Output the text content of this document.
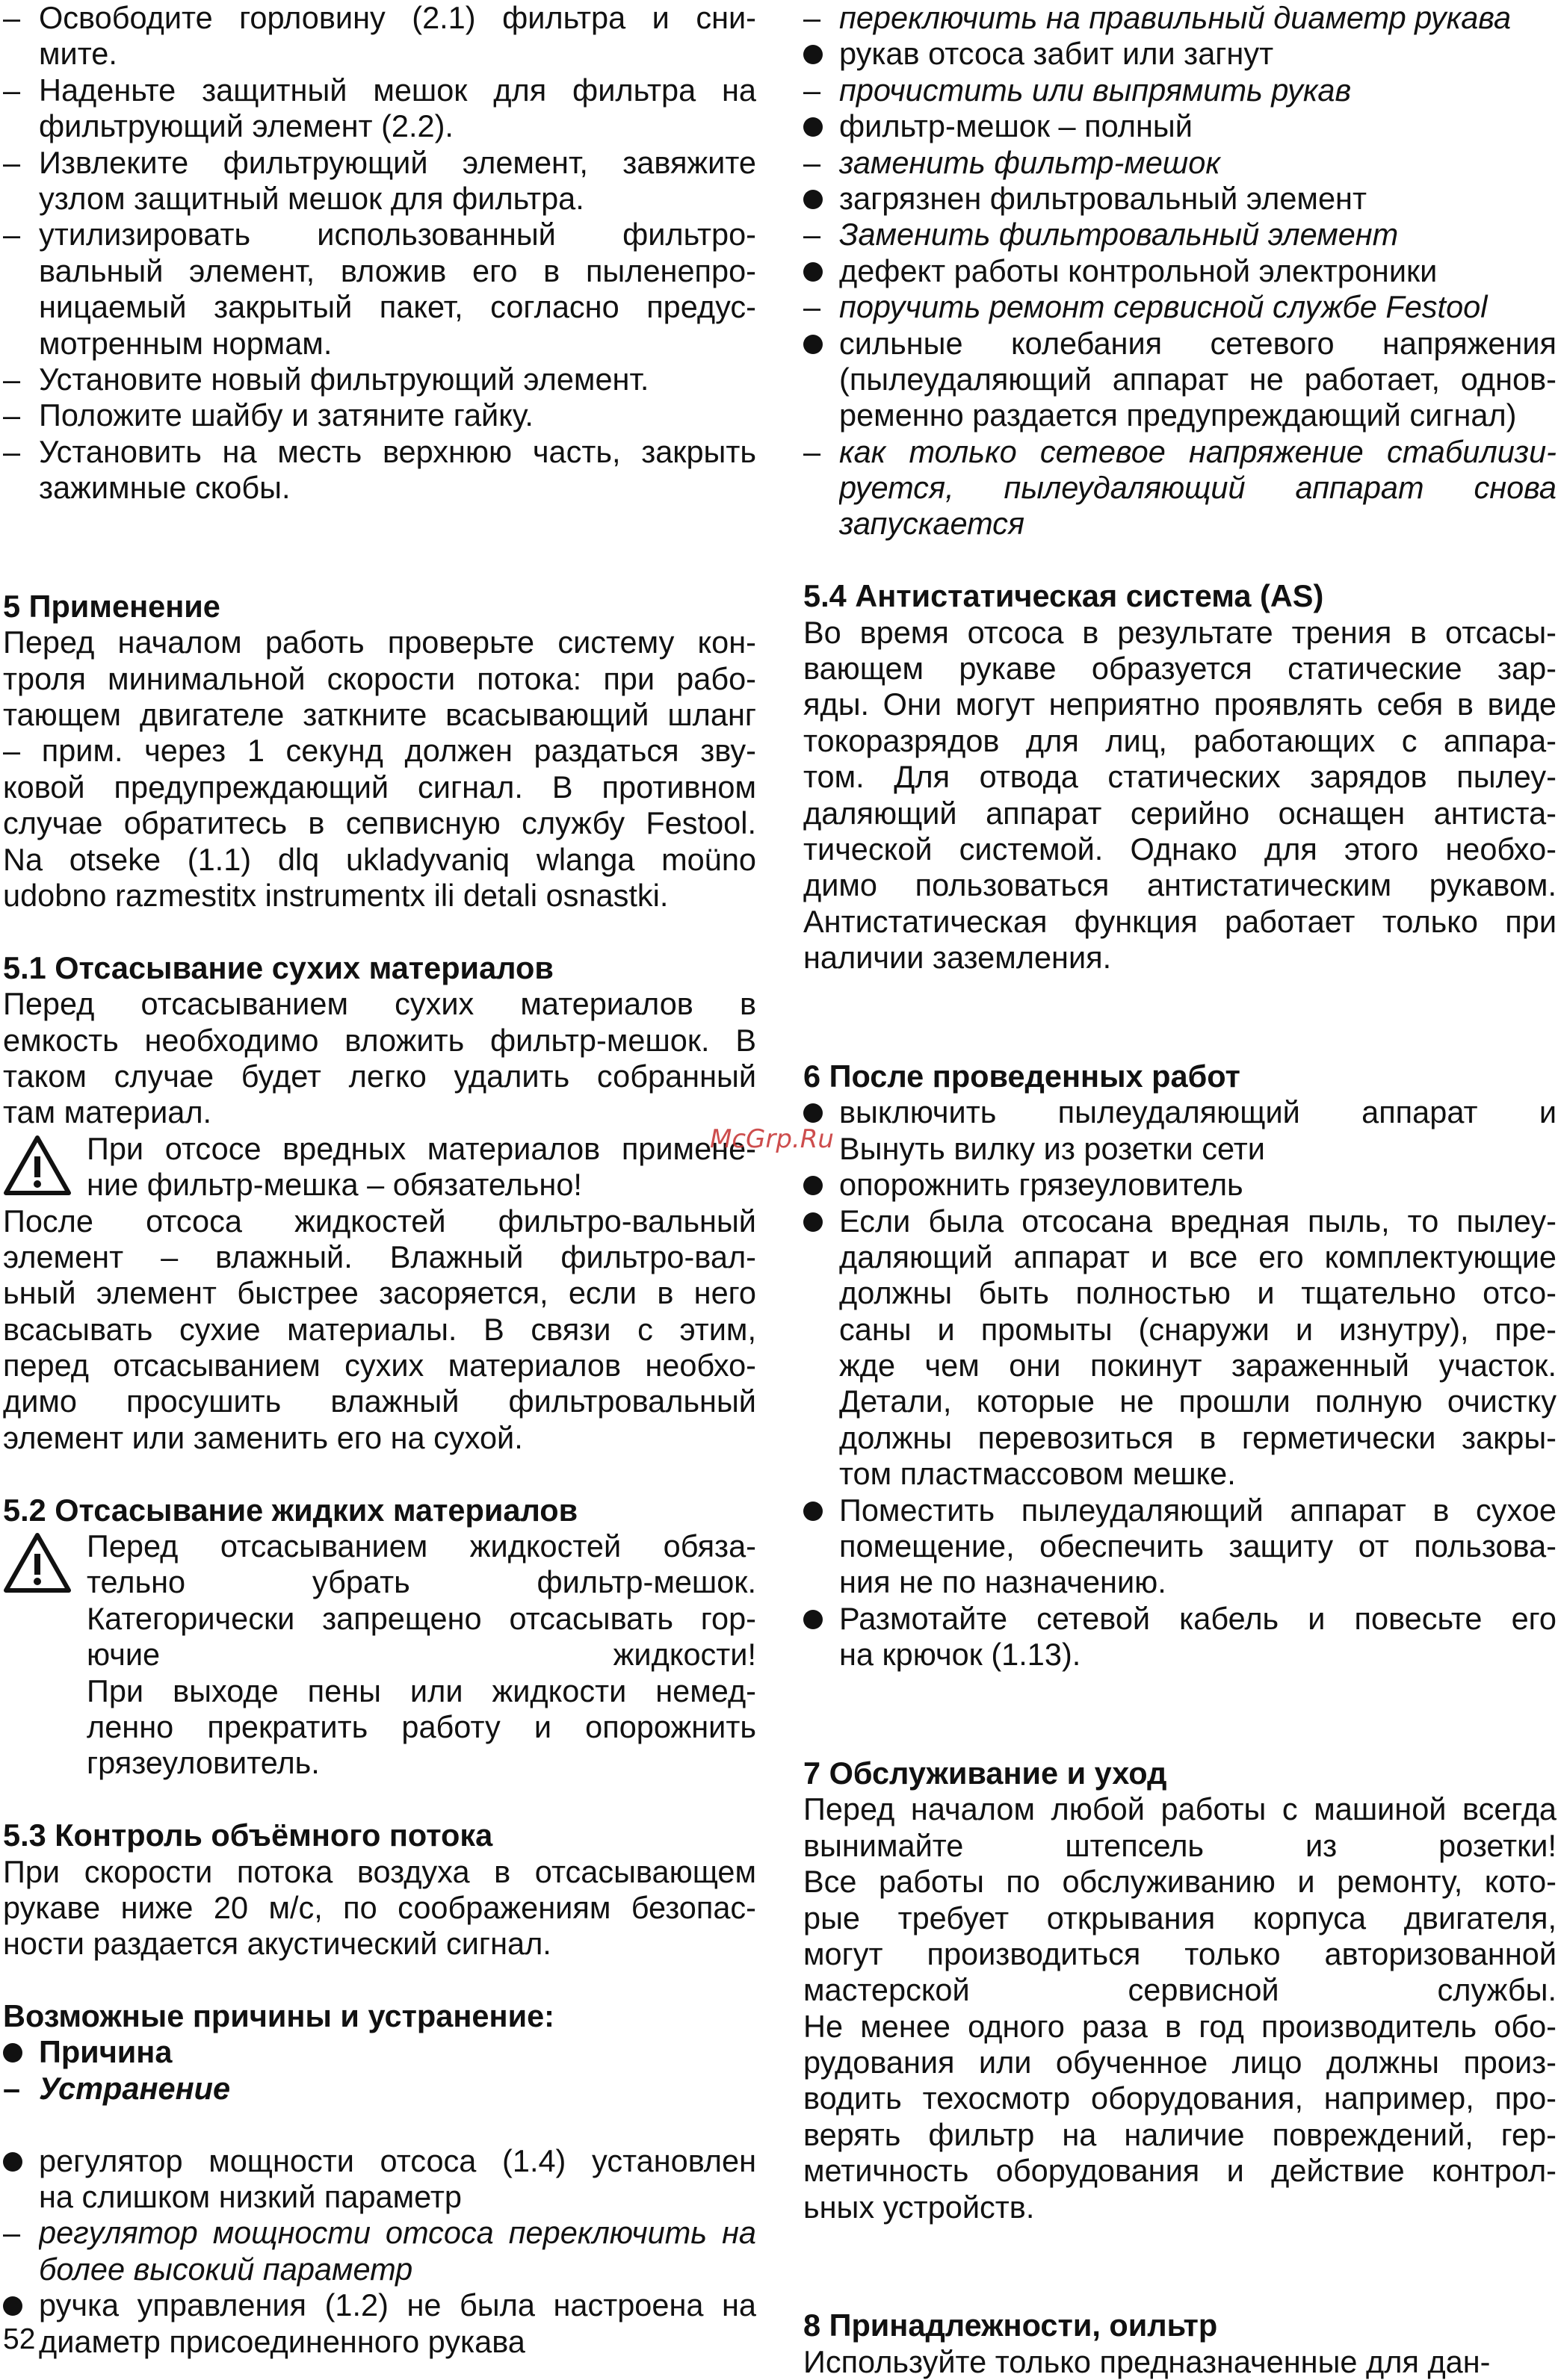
– Освободите горловину (2.1) фильтра и сни-
мите.
– Наденьте защитный мешок для фильтра на
фильтрующий элемент (2.2).
– Извлеките фильтрующий элемент, завяжите
узлом защитный мешок для фильтра.
– утилизировать использованный фильтро-
вальный элемент, вложив его в пыленепро-
ницаемый закрытый пакет, согласно предус-
мотренным нормам.
– Установите новый фильтрующий элемент.
– Положите шайбу и затяните гайку.
– Установить на месть верхнюю часть, закрыть
зажимные скобы.
5 Применение
Перед началом работь проверьте систему кон-
троля минимальной скорости потока: при рабо-
тающем двигателе заткните всасывающий шланг
– прим. через 1 секунд должен раздаться зву-
ковой предупреждающий сигнал. В противном
случае обратитесь в сепвисную службу Festool.
Na otseke (1.1) dlq ukladyvaniq wlanga moüno
udobno razmestitx instrumentx ili detali osnastki.
5.1 Отсасывание сухих материалов
Перед отсасыванием сухих материалов в
емкость необходимо вложить фильтр-мешок. В
таком случае будет легко удалить собранный
там материал.
При отсосе вредных материалов примене-
ние фильтр-мешка – обязательно!
После отсоса жидкостей фильтро-вальный
элемент – влажный. Влажный фильтро-вал-
ьный элемент быстрее засоряется, если в него
всасывать сухие материалы. В связи с этим,
перед отсасыванием сухих материалов необхо-
димо просушить влажный фильтровальный
элемент или заменить его на сухой.
5.2 Отсасывание жидких материалов
Перед отсасыванием жидкостей обяза-
тельно убрать фильтр-мешок.
Категорически запрещено отсасывать гор-
ючие жидкости!
При выходе пены или жидкости немед-
ленно прекратить работу и опорожнить
грязеуловитель.
5.3 Контроль объёмного потока
При скорости потока воздуха в отсасывающем
рукаве ниже 20 м/с, по соображениям безопас-
ности раздается акустический сигнал.
Возможные причины и устранение:
Причина
– Устранение
регулятор мощности отсоса (1.4) установлен
на слишком низкий параметр
– регулятор мощности отсоса переключить на
более высокий параметр
ручка управления (1.2) не была настроена на
диаметр присоединенного рукава
– переключить на правильный диаметр рукава
рукав отсоса забит или загнут
– прочистить или выпрямить рукав
фильтр-мешок – полный
– заменить фильтр-мешок
загрязнен фильтровальный элемент
– Заменить фильтровальный элемент
дефект работы контрольной электроники
– поручить ремонт сервисной службе Festool
сильные колебания сетевого напряжения
(пылеудаляющий аппарат не работает, однов-
ременно раздается предупреждающий сигнал)
– как только сетевое напряжение стабилизи-
руется, пылеудаляющий аппарат снова
запускается
5.4 Антистатическая система (AS)
Во время отсоса в результате трения в отсасы-
вающем рукаве образуется статические зар-
яды. Они могут неприятно проявлять себя в виде
токоразрядов для лиц, работающих с аппара-
том. Для отвода статических зарядов пылеу-
даляющий аппарат серийно оснащен антиста-
тической системой. Однако для этого необхо-
димо пользоваться антистатическим рукавом.
Антистатическая функция работает только при
наличии заземления.
6 После проведенных работ
выключить пылеудаляющий аппарат и
Вынуть вилку из розетки сети
опорожнить грязеуловитель
Если была отсосана вредная пыль, то пылеу-
даляющий аппарат и все его комплектующие
должны быть полностью и тщательно отсо-
саны и промыты (снаружи и изнутру), пре-
жде чем они покинут зараженный участок.
Детали, которые не прошли полную очистку
должны перевозиться в герметически закры-
том пластмассовом мешке.
Поместить пылеудаляющий аппарат в сухое
помещение, обеспечить защиту от пользова-
ния не по назначению.
Размотайте сетевой кабель и повесьте его
на крючок (1.13).
7 Обслуживание и уход
Перед началом любой работы с машиной всегда
вынимайте штепсель из розетки!
Все работы по обслуживанию и ремонту, кото-
рые требует открывания корпуса двигателя,
могут производиться только авторизованной
мастерской сервисной службы.
Не менее одного раза в год производитель обо-
рудования или обученное лицо должны произ-
водить техосмотр оборудования, например, про-
верять фильтр на наличие повреждений, гер-
метичность оборудования и действие контрол-
ьных устройств.
8 Принадлежности, оильтр
Используйте только предназначенные для дан-
McGrp.Ru
52
